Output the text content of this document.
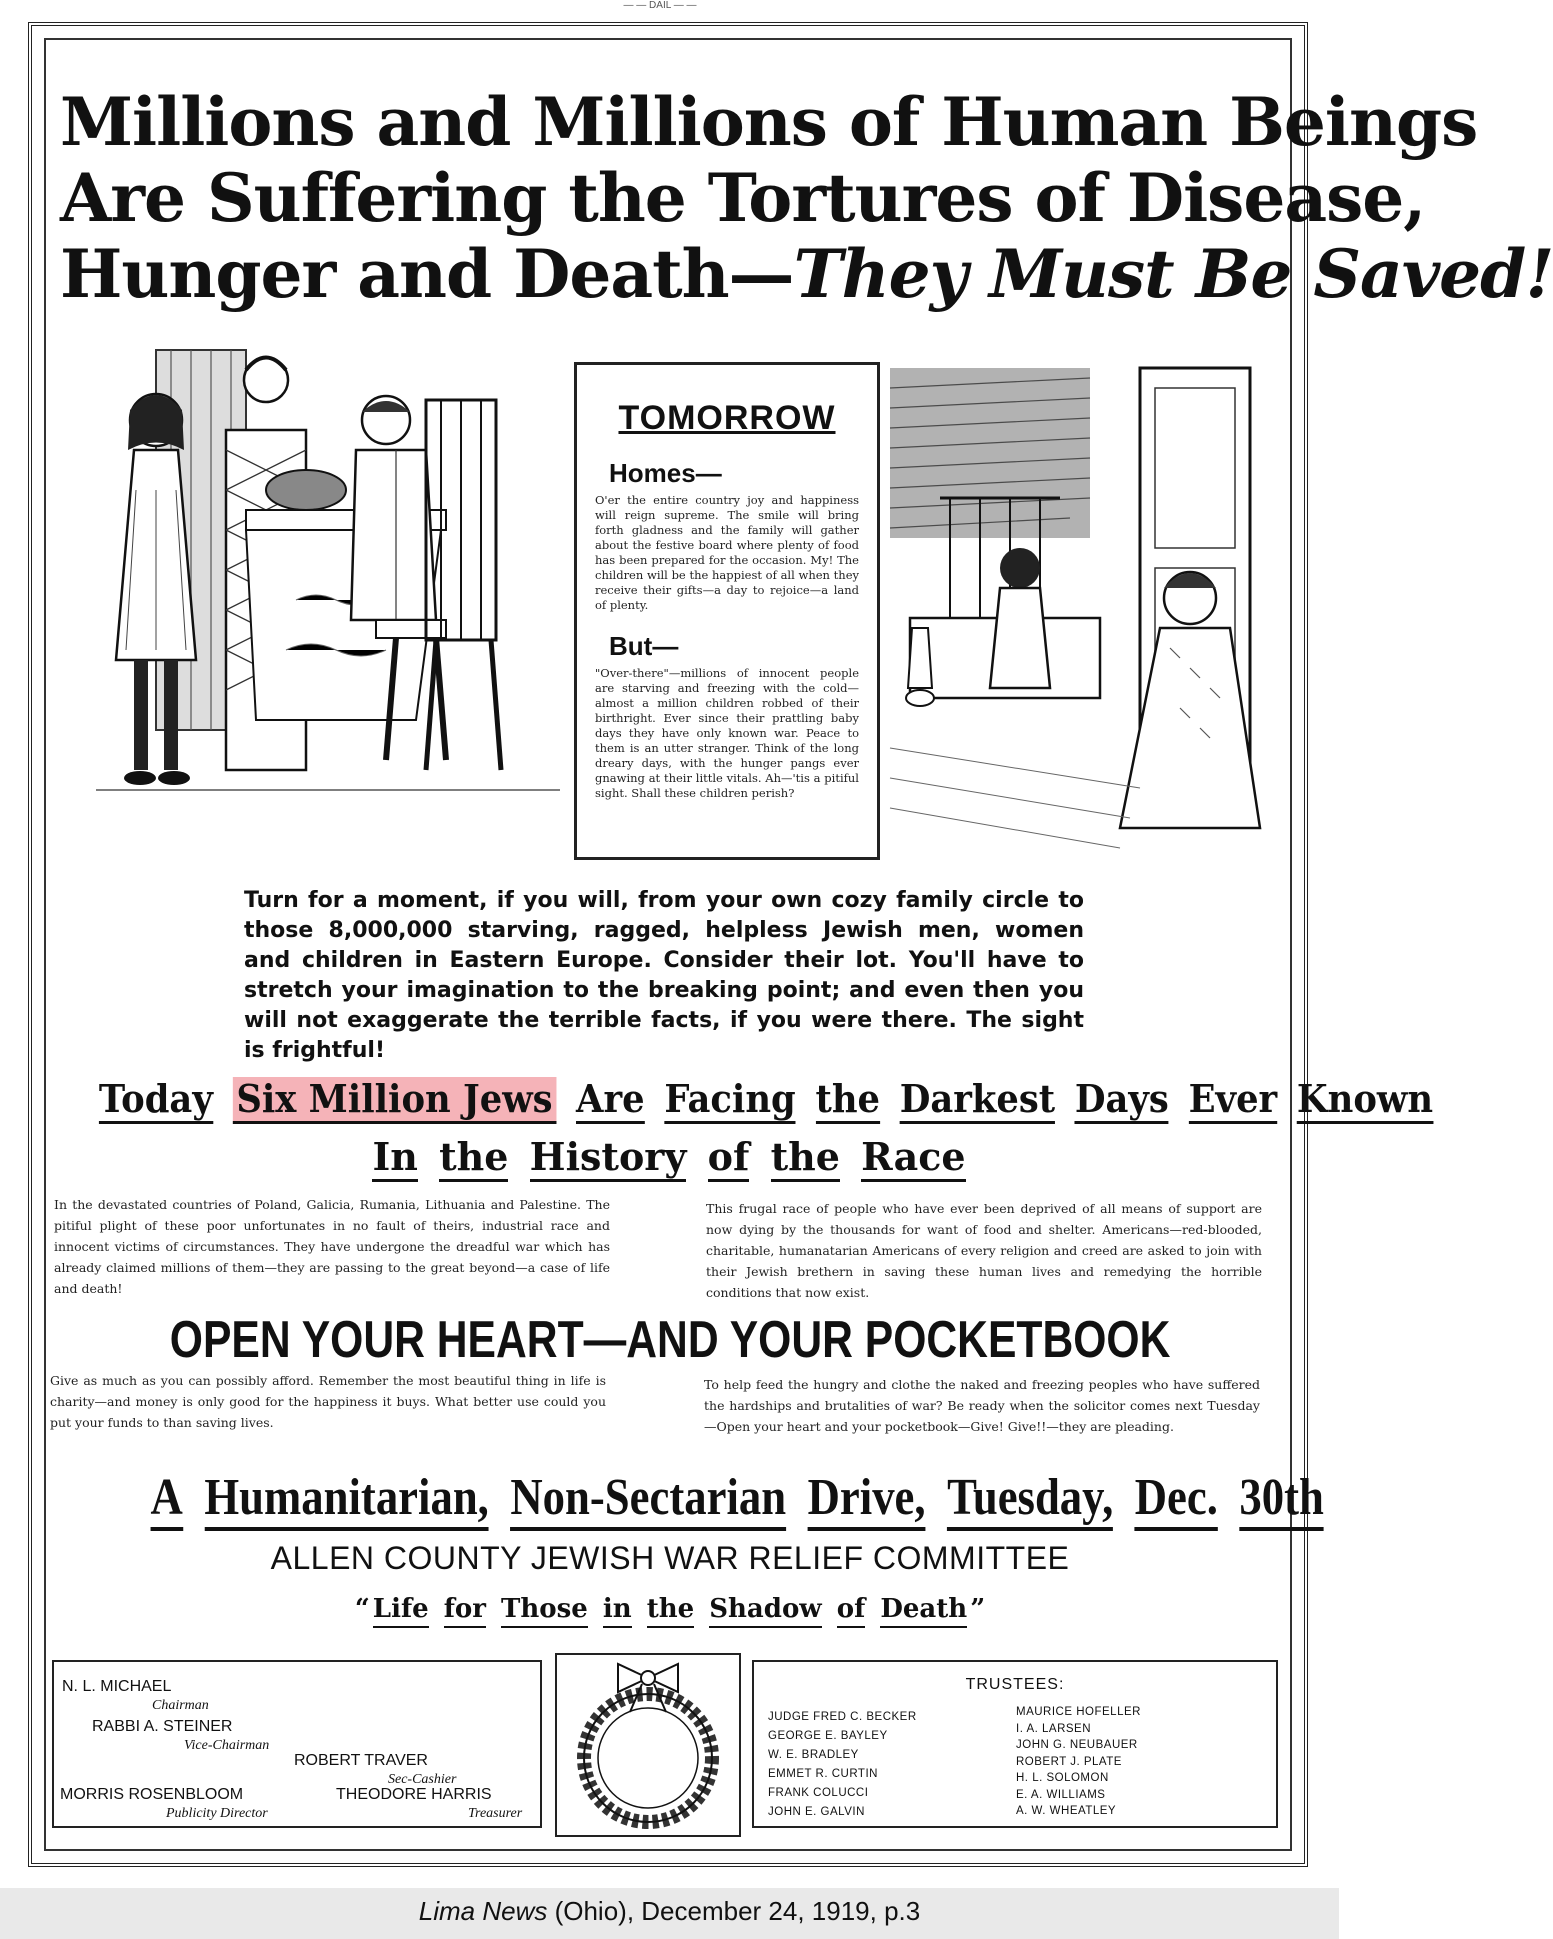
— — DAIL — —
Millions and Millions of Human Beings
Are Suffering the Tortures of Disease,
Hunger and Death—They Must Be Saved!
TOMORROW
Homes—
O'er the entire country joy and happiness will reign supreme. The smile will bring forth gladness and the family will gather about the festive board where plenty of food has been prepared for the occasion. My! The children will be the happiest of all when they receive their gifts—a day to rejoice—a land of plenty.
But—
"Over-there"—millions of innocent people are starving and freezing with the cold—almost a million children robbed of their birthright. Ever since their prattling baby days they have only known war. Peace to them is an utter stranger. Think of the long dreary days, with the hunger pangs ever gnawing at their little vitals. Ah—'tis a pitiful sight. Shall these children perish?
Turn for a moment, if you will, from your own cozy family circle to those 8,000,000 starving, ragged, helpless Jewish men, women and children in Eastern Europe. Consider their lot. You'll have to stretch your imagination to the breaking point; and even then you will not exaggerate the terrible facts, if you were there. The sight is frightful!
Today Six Million Jews Are Facing the Darkest Days Ever Known
In the History of the Race
In the devastated countries of Poland, Galicia, Rumania, Lithuania and Palestine. The pitiful plight of these poor unfortunates in no fault of theirs, industrial race and innocent victims of circumstances. They have undergone the dreadful war which has already claimed millions of them—they are passing to the great beyond—a case of life and death!
This frugal race of people who have ever been deprived of all means of support are now dying by the thousands for want of food and shelter. Americans—red-blooded, charitable, humanatarian Americans of every religion and creed are asked to join with their Jewish brethern in saving these human lives and remedying the horrible conditions that now exist.
OPEN YOUR HEART—AND YOUR POCKETBOOK
Give as much as you can possibly afford. Remember the most beautiful thing in life is charity—and money is only good for the happiness it buys. What better use could you put your funds to than saving lives.
To help feed the hungry and clothe the naked and freezing peoples who have suffered the hardships and brutalities of war? Be ready when the solicitor comes next Tuesday—Open your heart and your pocketbook—Give! Give!!—they are pleading.
A Humanitarian, Non-Sectarian Drive, Tuesday, Dec. 30th
ALLEN COUNTY JEWISH WAR RELIEF COMMITTEE
“ Life for Those in the Shadow of Death ”
N. L. MICHAEL
Chairman
RABBI A. STEINER
Vice-Chairman
ROBERT TRAVER
Sec-Cashier
MORRIS ROSENBLOOM
Publicity Director
THEODORE HARRIS
Treasurer
TRUSTEES:
JUDGE FRED C. BECKER
GEORGE E. BAYLEY
W. E. BRADLEY
EMMET R. CURTIN
FRANK COLUCCI
JOHN E. GALVIN
MAURICE HOFELLER
I. A. LARSEN
JOHN G. NEUBAUER
ROBERT J. PLATE
H. L. SOLOMON
E. A. WILLIAMS
A. W. WHEATLEY
Lima News (Ohio), December 24, 1919, p.3
